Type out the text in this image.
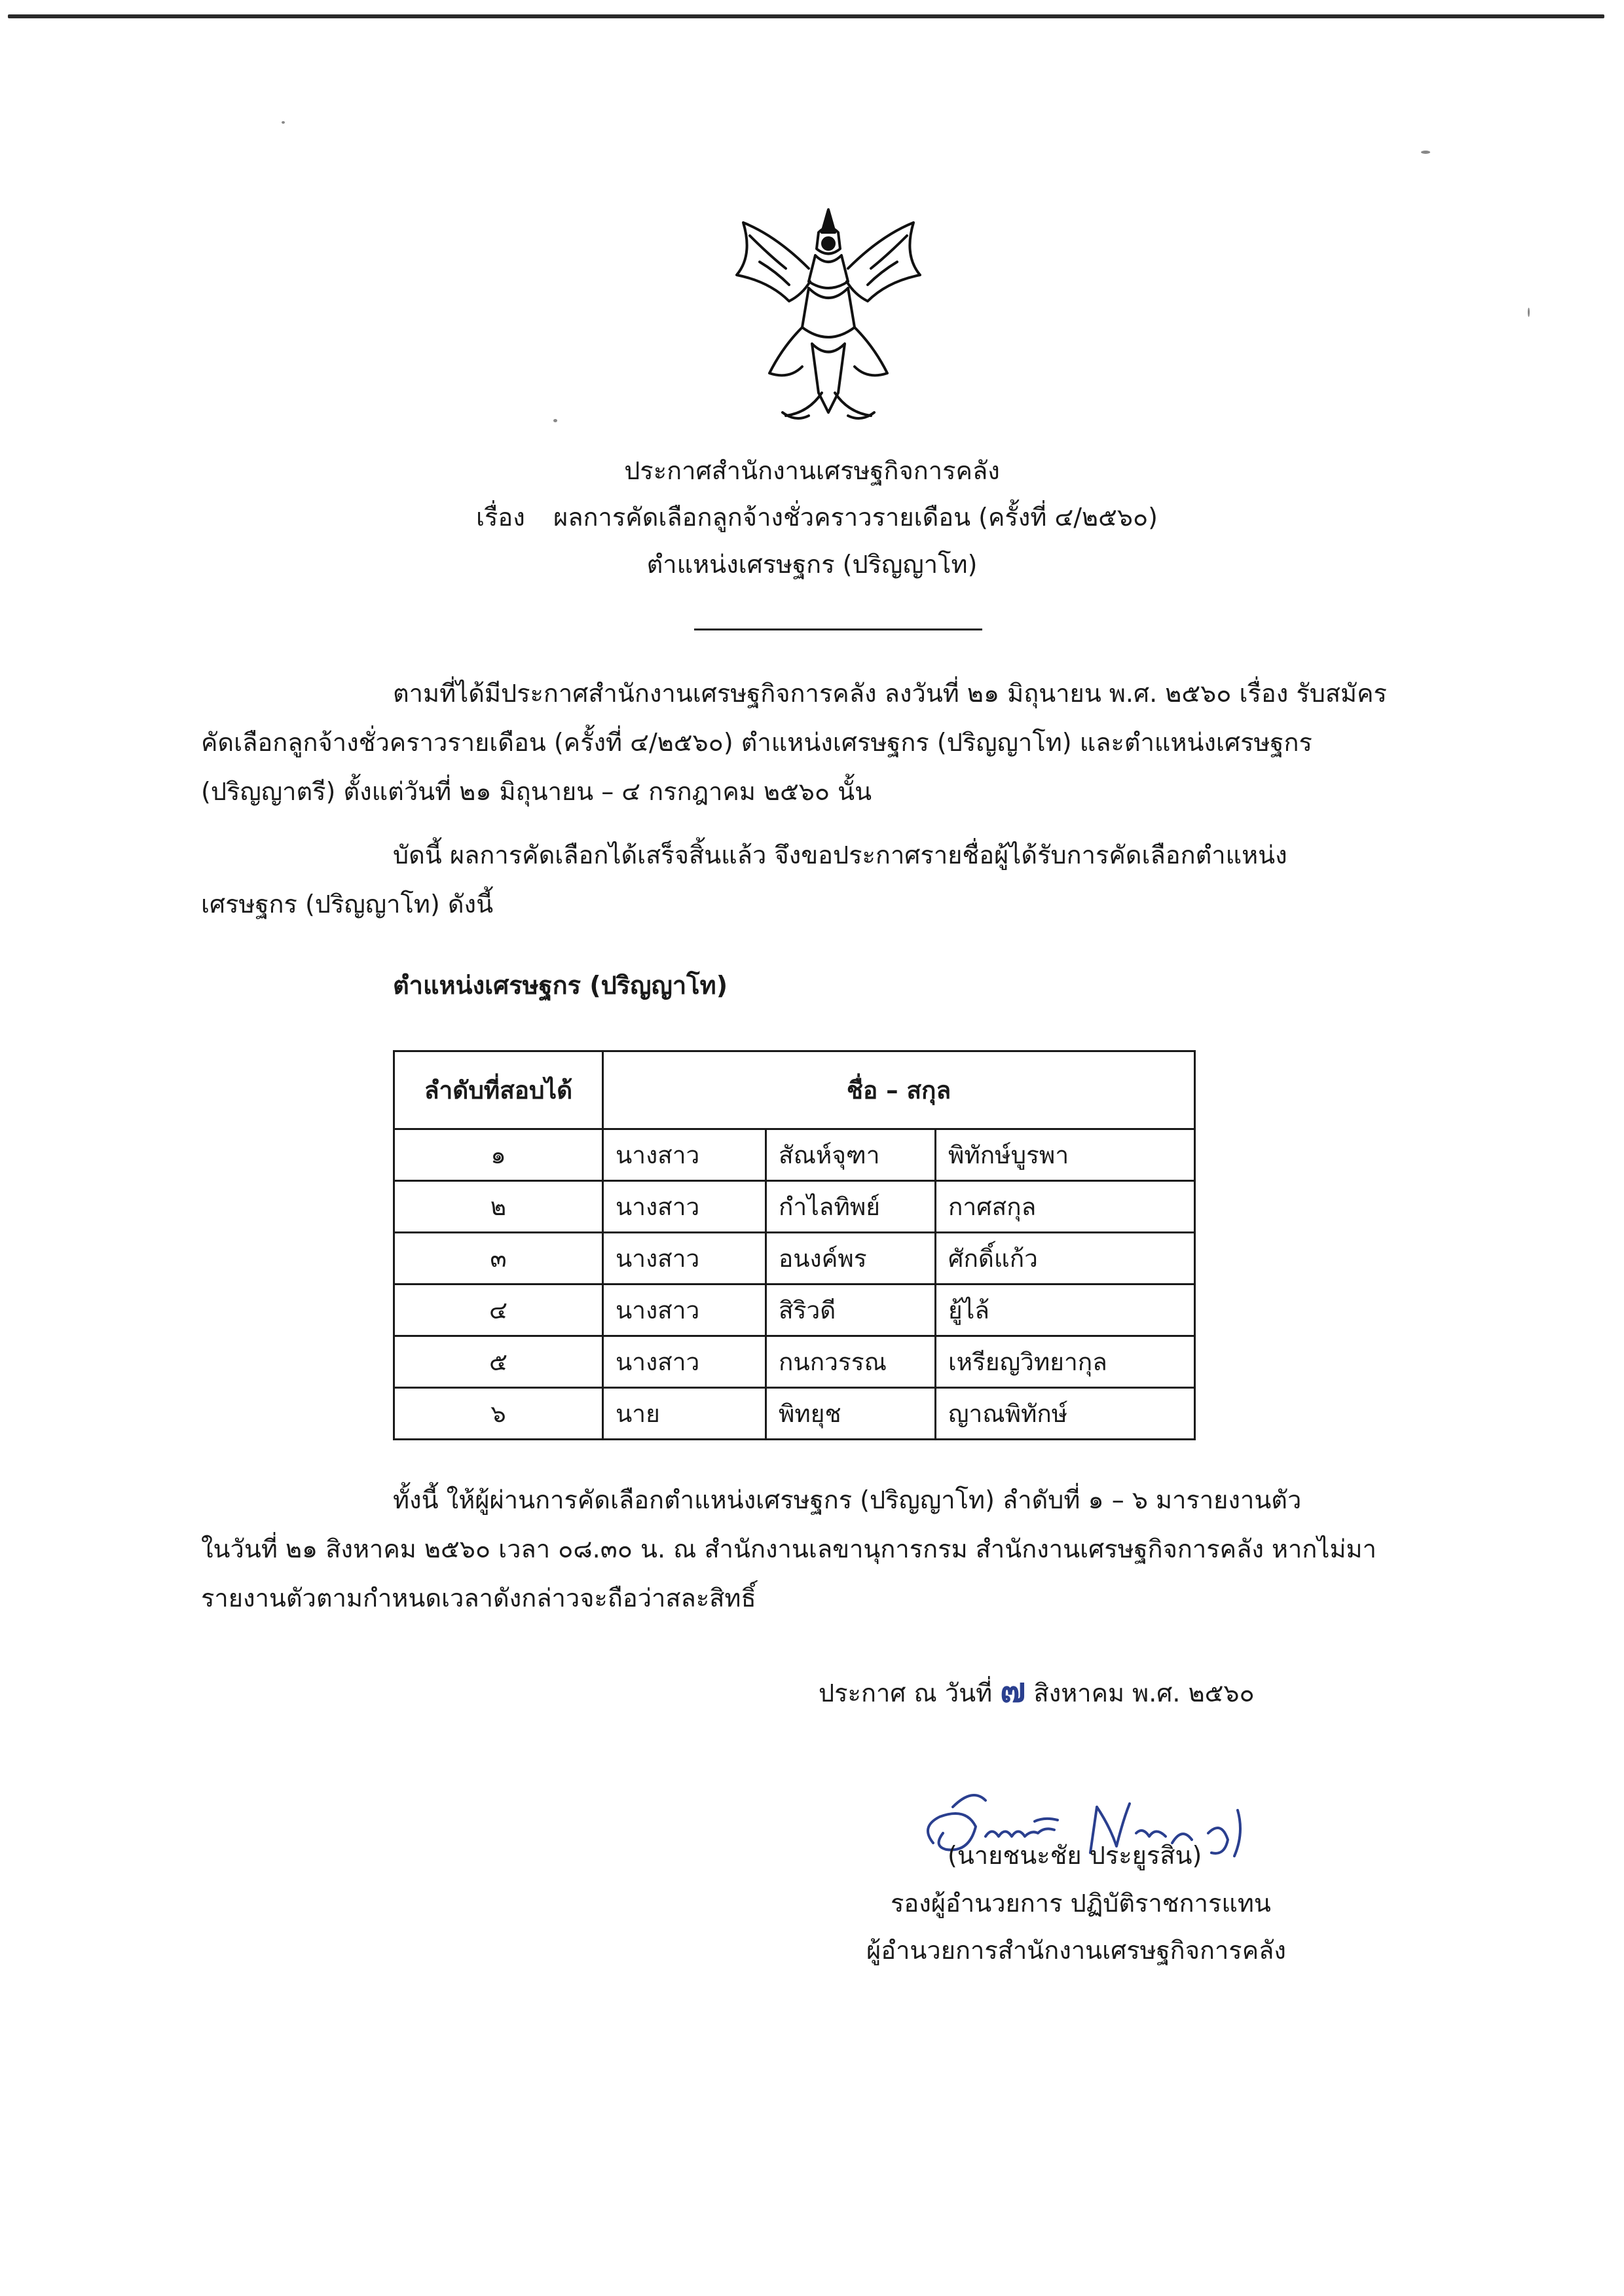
ประกาศสำนักงานเศรษฐกิจการคลัง
เรื่อง ผลการคัดเลือกลูกจ้างชั่วคราวรายเดือน (ครั้งที่ ๔/๒๕๖๐)
ตำแหน่งเศรษฐกร (ปริญญาโท)
ตามที่ได้มีประกาศสำนักงานเศรษฐกิจการคลัง ลงวันที่ ๒๑ มิถุนายน พ.ศ. ๒๕๖๐ เรื่อง รับสมัคร
คัดเลือกลูกจ้างชั่วคราวรายเดือน (ครั้งที่ ๔/๒๕๖๐) ตำแหน่งเศรษฐกร (ปริญญาโท) และตำแหน่งเศรษฐกร
(ปริญญาตรี) ตั้งแต่วันที่ ๒๑ มิถุนายน – ๔ กรกฎาคม ๒๕๖๐ นั้น
บัดนี้ ผลการคัดเลือกได้เสร็จสิ้นแล้ว จึงขอประกาศรายชื่อผู้ได้รับการคัดเลือกตำแหน่ง
เศรษฐกร (ปริญญาโท) ดังนี้
ตำแหน่งเศรษฐกร (ปริญญาโท)
ลำดับที่สอบได้	ชื่อ – สกุล		
๑	นางสาว	สัณห์จุฑา	พิทักษ์บูรพา
๒	นางสาว	กำไลทิพย์	กาศสกุล
๓	นางสาว	อนงค์พร	ศักดิ์แก้ว
๔	นางสาว	สิริวดี	ยู้ไล้
๕	นางสาว	กนกวรรณ	เหรียญวิทยากุล
๖	นาย	พิทยุช	ญาณพิทักษ์
ทั้งนี้ ให้ผู้ผ่านการคัดเลือกตำแหน่งเศรษฐกร (ปริญญาโท) ลำดับที่ ๑ – ๖ มารายงานตัว
ในวันที่ ๒๑ สิงหาคม ๒๕๖๐ เวลา ๐๘.๓๐ น. ณ สำนักงานเลขานุการกรม สำนักงานเศรษฐกิจการคลัง หากไม่มา
รายงานตัวตามกำหนดเวลาดังกล่าวจะถือว่าสละสิทธิ์
ประกาศ ณ วันที่ ๗ สิงหาคม พ.ศ. ๒๕๖๐
(นายชนะชัย ประยูรสิน)
รองผู้อำนวยการ ปฏิบัติราชการแทน
ผู้อำนวยการสำนักงานเศรษฐกิจการคลัง
